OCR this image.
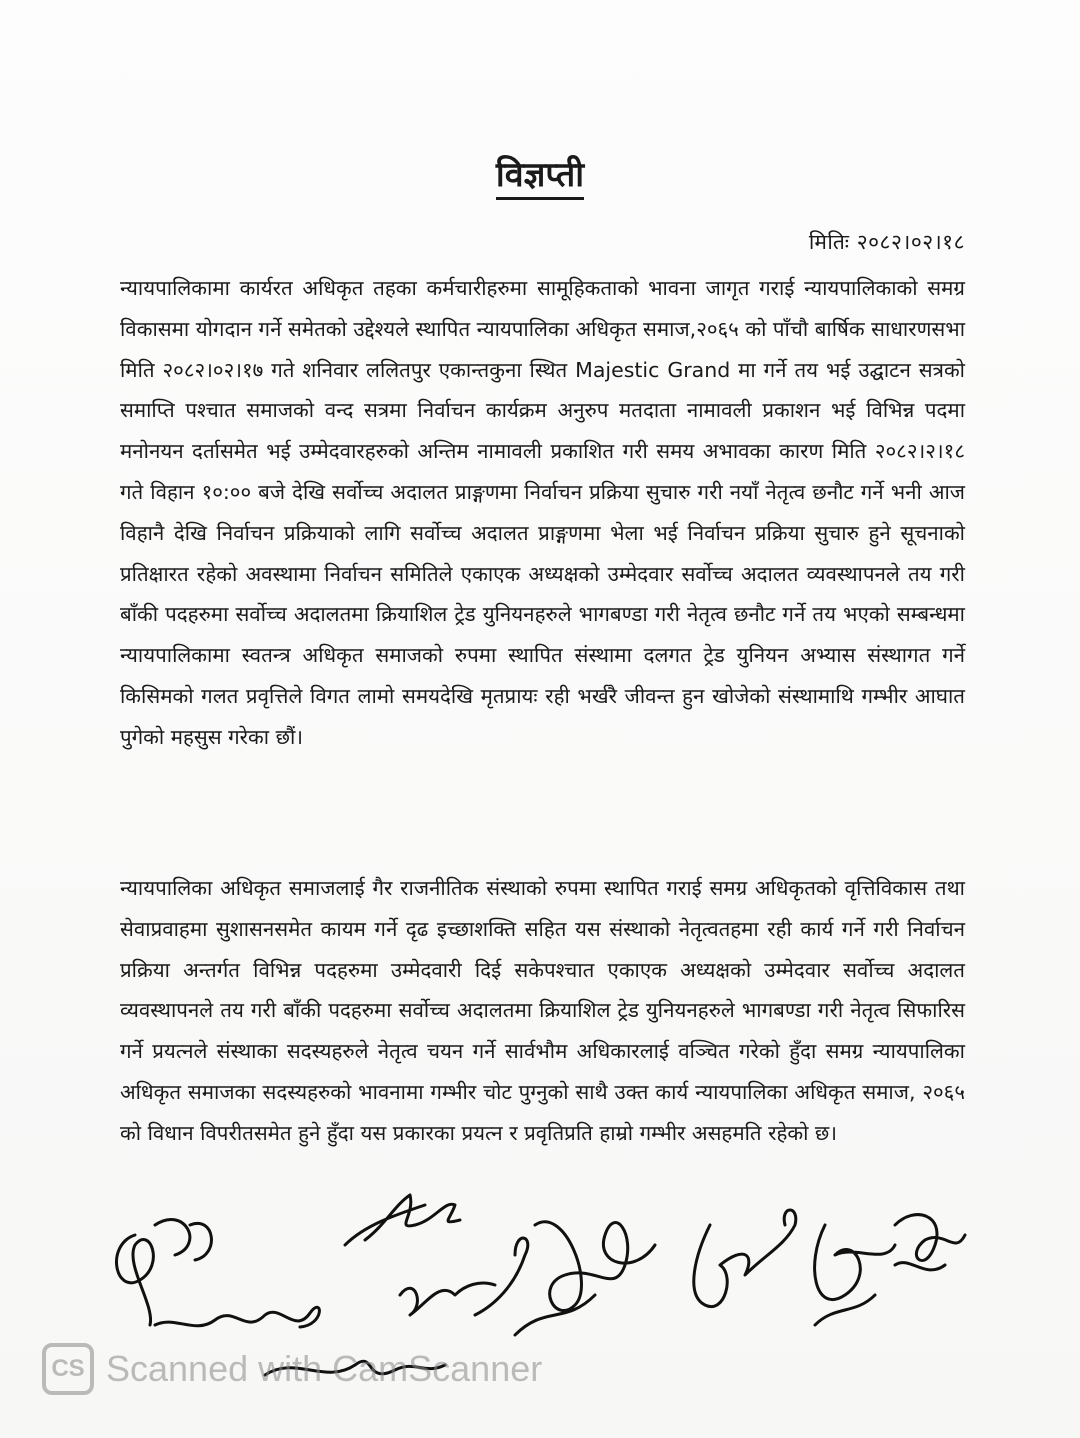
विज्ञप्ती
मितिः २०८२।०२।१८
न्यायपालिकामा कार्यरत अधिकृत तहका कर्मचारीहरुमा सामूहिकताको भावना जागृत गराई न्यायपालिकाको समग्र विकासमा योगदान गर्ने समेतको उद्देश्यले स्थापित न्यायपालिका अधिकृत समाज,२०६५ को पाँचौ बार्षिक साधारणसभा मिति २०८२।०२।१७ गते शनिवार ललितपुर एकान्तकुना स्थित Majestic Grand मा गर्ने तय भई उद्घाटन सत्रको समाप्ति पश्चात समाजको वन्द सत्रमा निर्वाचन कार्यक्रम अनुरुप मतदाता नामावली प्रकाशन भई विभिन्न पदमा मनोनयन दर्तासमेत भई उम्मेदवारहरुको अन्तिम नामावली प्रकाशित गरी समय अभावका कारण मिति २०८२।२।१८ गते विहान १०:०० बजे देखि सर्वोच्च अदालत प्राङ्गणमा निर्वाचन प्रक्रिया सुचारु गरी नयाँ नेतृत्व छनौट गर्ने भनी आज विहानै देखि निर्वाचन प्रक्रियाको लागि सर्वोच्च अदालत प्राङ्गणमा भेला भई निर्वाचन प्रक्रिया सुचारु हुने सूचनाको प्रतिक्षारत रहेको अवस्थामा निर्वाचन समितिले एकाएक अध्यक्षको उम्मेदवार सर्वोच्च अदालत व्यवस्थापनले तय गरी बाँकी पदहरुमा सर्वोच्च अदालतमा क्रियाशिल ट्रेड युनियनहरुले भागबण्डा गरी नेतृत्व छनौट गर्ने तय भएको सम्बन्धमा न्यायपालिकामा स्वतन्त्र अधिकृत समाजको रुपमा स्थापित संस्थामा दलगत ट्रेड युनियन अभ्यास संस्थागत गर्ने किसिमको गलत प्रवृत्तिले विगत लामो समयदेखि मृतप्रायः रही भर्खरै जीवन्त हुन खोजेको संस्थामाथि गम्भीर आघात पुगेको महसुस गरेका छौं।
न्यायपालिका अधिकृत समाजलाई गैर राजनीतिक संस्थाको रुपमा स्थापित गराई समग्र अधिकृतको वृत्तिविकास तथा सेवाप्रवाहमा सुशासनसमेत कायम गर्ने दृढ इच्छाशक्ति सहित यस संस्थाको नेतृत्वतहमा रही कार्य गर्ने गरी निर्वाचन प्रक्रिया अन्तर्गत विभिन्न पदहरुमा उम्मेदवारी दिई सकेपश्चात एकाएक अध्यक्षको उम्मेदवार सर्वोच्च अदालत व्यवस्थापनले तय गरी बाँकी पदहरुमा सर्वोच्च अदालतमा क्रियाशिल ट्रेड युनियनहरुले भागबण्डा गरी नेतृत्व सिफारिस गर्ने प्रयत्नले संस्थाका सदस्यहरुले नेतृत्व चयन गर्ने सार्वभौम अधिकारलाई वञ्चित गरेको हुँदा समग्र न्यायपालिका अधिकृत समाजका सदस्यहरुको भावनामा गम्भीर चोट पुग्नुको साथै उक्त कार्य न्यायपालिका अधिकृत समाज, २०६५ को विधान विपरीतसमेत हुने हुँदा यस प्रकारका प्रयत्न र प्रवृतिप्रति हाम्रो गम्भीर असहमति रहेको छ।
CS Scanned with CamScanner
